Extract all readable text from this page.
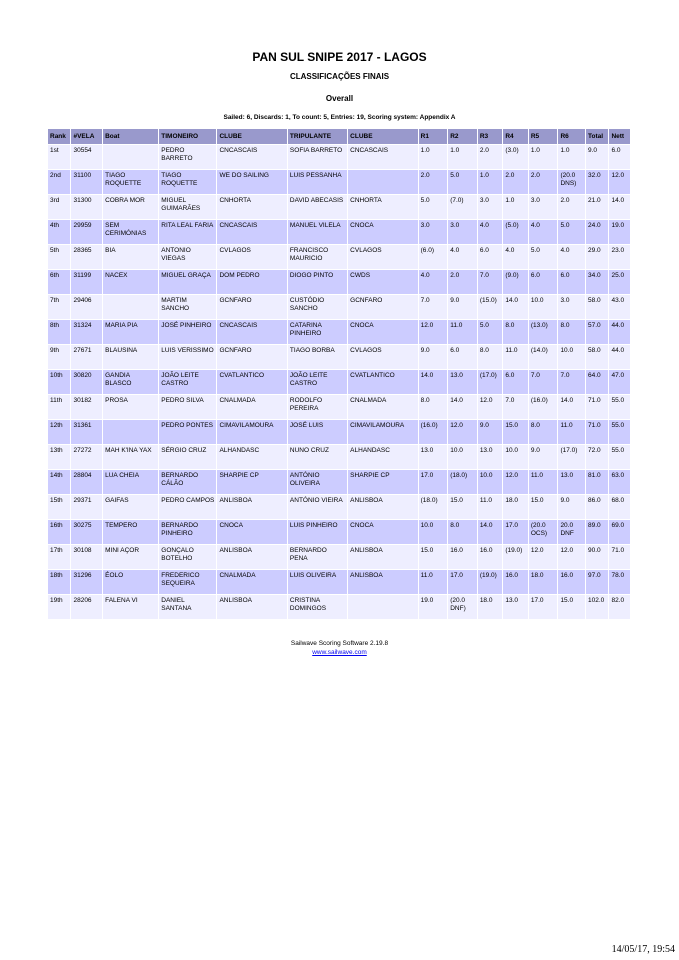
PAN SUL SNIPE 2017 - LAGOS
CLASSIFICAÇÕES FINAIS
Overall
Sailed: 6, Discards: 1, To count: 5, Entries: 19, Scoring system: Appendix A
Rank	#VELA	Boat	TIMONEIRO	CLUBE	TRIPULANTE	CLUBE	R1	R2	R3	R4	R5	R6	Total	Nett
1st	30554		PEDRO BARRETO	CNCASCAIS	SOFIA BARRETO	CNCASCAIS	1.0	1.0	2.0	(3.0)	1.0	1.0	9.0	6.0
2nd	31100	TIAGO ROQUETTE	TIAGO ROQUETTE	WE DO SAILING	LUIS PESSANHA		2.0	5.0	1.0	2.0	2.0	(20.0 DNS)	32.0	12.0
3rd	31300	COBRA MOR	MIGUEL GUIMARÃES	CNHORTA	DAVID ABECASIS	CNHORTA	5.0	(7.0)	3.0	1.0	3.0	2.0	21.0	14.0
4th	29959	SEM CERIMÓNIAS	RITA LEAL FARIA	CNCASCAIS	MANUEL VILELA	CNOCA	3.0	3.0	4.0	(5.0)	4.0	5.0	24.0	19.0
5th	28365	BIA	ANTONIO VIEGAS	CVLAGOS	FRANCISCO MAURICIO	CVLAGOS	(6.0)	4.0	6.0	4.0	5.0	4.0	29.0	23.0
6th	31199	NACEX	MIGUEL GRAÇA	DOM PEDRO	DIOGO PINTO	CWDS	4.0	2.0	7.0	(9.0)	6.0	6.0	34.0	25.0
7th	29406		MARTIM SANCHO	GCNFARO	CUSTÓDIO SANCHO	GCNFARO	7.0	9.0	(15.0)	14.0	10.0	3.0	58.0	43.0
8th	31324	MARIA PIA	JOSÉ PINHEIRO	CNCASCAIS	CATARINA PINHEIRO	CNOCA	12.0	11.0	5.0	8.0	(13.0)	8.0	57.0	44.0
9th	27671	BLAUSINA	LUIS VERISSIMO	GCNFARO	TIAGO BORBA	CVLAGOS	9.0	6.0	8.0	11.0	(14.0)	10.0	58.0	44.0
10th	30820	GANDIA BLASCO	JOÃO LEITE CASTRO	CVATLANTICO	JOÃO LEITE CASTRO	CVATLANTICO	14.0	13.0	(17.0)	6.0	7.0	7.0	64.0	47.0
11th	30182	PROSA	PEDRO SILVA	CNALMADA	RODOLFO PEREIRA	CNALMADA	8.0	14.0	12.0	7.0	(16.0)	14.0	71.0	55.0
12th	31361		PEDRO PONTES	CIMAVILAMOURA	JOSÉ LUIS	CIMAVILAMOURA	(16.0)	12.0	9.0	15.0	8.0	11.0	71.0	55.0
13th	27272	MAH K'INA YAX	SÉRGIO CRUZ	ALHANDASC	NUNO CRUZ	ALHANDASC	13.0	10.0	13.0	10.0	9.0	(17.0)	72.0	55.0
14th	28804	LUA CHEIA	BERNARDO CÁLÃO	SHARPIE CP	ANTÓNIO OLIVEIRA	SHARPIE CP	17.0	(18.0)	10.0	12.0	11.0	13.0	81.0	63.0
15th	29371	GAIFAS	PEDRO CAMPOS	ANLISBOA	ANTÓNIO VIEIRA	ANLISBOA	(18.0)	15.0	11.0	18.0	15.0	9.0	86.0	68.0
16th	30275	TEMPERO	BERNARDO PINHEIRO	CNOCA	LUIS PINHEIRO	CNOCA	10.0	8.0	14.0	17.0	(20.0 OCS)	20.0 DNF	89.0	69.0
17th	30108	MINI AÇOR	GONÇALO BOTELHO	ANLISBOA	BERNARDO PENA	ANLISBOA	15.0	16.0	16.0	(19.0)	12.0	12.0	90.0	71.0
18th	31296	ÉOLO	FREDERICO SEQUEIRA	CNALMADA	LUIS OLIVEIRA	ANLISBOA	11.0	17.0	(19.0)	16.0	18.0	16.0	97.0	78.0
19th	28206	FALENA VI	DANIEL SANTANA	ANLISBOA	CRISTINA DOMINGOS		19.0	(20.0 DNF)	18.0	13.0	17.0	15.0	102.0	82.0
Sailwave Scoring Software 2.19.8
www.sailwave.com
14/05/17, 19:54
